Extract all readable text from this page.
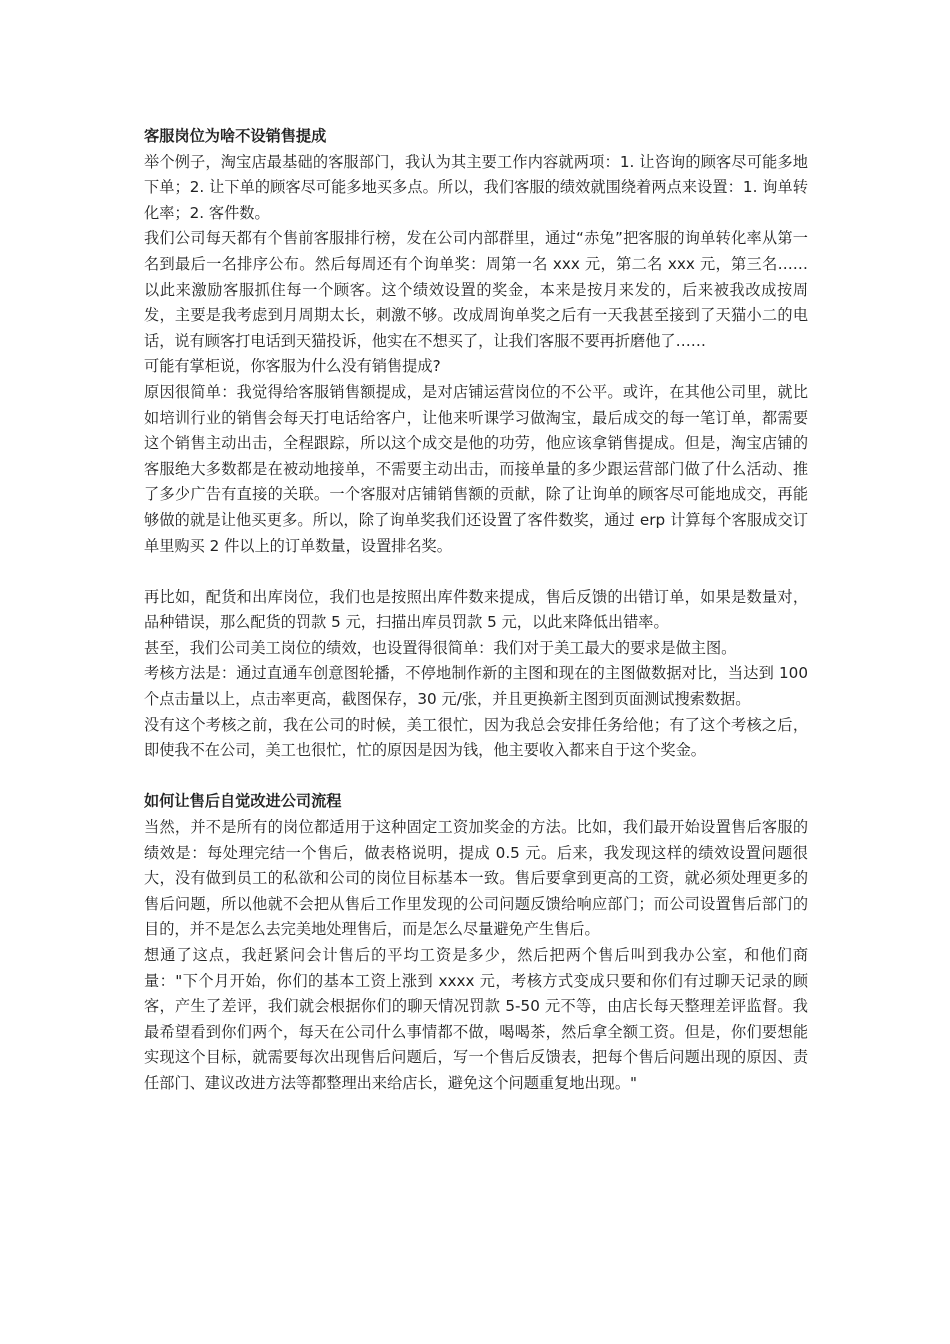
客服岗位为啥不设销售提成

举个例子，淘宝店最基础的客服部门，我认为其主要工作内容就两项：1. 让咨询的顾客尽可能多地下单；2. 让下单的顾客尽可能多地买多点。所以，我们客服的绩效就围绕着两点来设置：1. 询单转化率；2. 客件数。

我们公司每天都有个售前客服排行榜，发在公司内部群里，通过“赤兔”把客服的询单转化率从第一名到最后一名排序公布。然后每周还有个询单奖：周第一名 xxx 元，第二名 xxx 元，第三名……以此来激励客服抓住每一个顾客。这个绩效设置的奖金，本来是按月来发的，后来被我改成按周发，主要是我考虑到月周期太长，刺激不够。改成周询单奖之后有一天我甚至接到了天猫小二的电话，说有顾客打电话到天猫投诉，他实在不想买了，让我们客服不要再折磨他了……

可能有掌柜说，你客服为什么没有销售提成?

原因很简单：我觉得给客服销售额提成，是对店铺运营岗位的不公平。或许，在其他公司里，就比如培训行业的销售会每天打电话给客户，让他来听课学习做淘宝，最后成交的每一笔订单，都需要这个销售主动出击，全程跟踪，所以这个成交是他的功劳，他应该拿销售提成。但是，淘宝店铺的客服绝大多数都是在被动地接单，不需要主动出击，而接单量的多少跟运营部门做了什么活动、推了多少广告有直接的关联。一个客服对店铺销售额的贡献，除了让询单的顾客尽可能地成交，再能够做的就是让他买更多。所以，除了询单奖我们还设置了客件数奖，通过 erp 计算每个客服成交订单里购买 2 件以上的订单数量，设置排名奖。

再比如，配货和出库岗位，我们也是按照出库件数来提成，售后反馈的出错订单，如果是数量对，品种错误，那么配货的罚款 5 元，扫描出库员罚款 5 元，以此来降低出错率。

甚至，我们公司美工岗位的绩效，也设置得很简单：我们对于美工最大的要求是做主图。

考核方法是：通过直通车创意图轮播，不停地制作新的主图和现在的主图做数据对比，当达到 100 个点击量以上，点击率更高，截图保存，30 元/张，并且更换新主图到页面测试搜索数据。

没有这个考核之前，我在公司的时候，美工很忙，因为我总会安排任务给他；有了这个考核之后，即使我不在公司，美工也很忙，忙的原因是因为钱，他主要收入都来自于这个奖金。

如何让售后自觉改进公司流程

当然，并不是所有的岗位都适用于这种固定工资加奖金的方法。比如，我们最开始设置售后客服的绩效是：每处理完结一个售后，做表格说明，提成 0.5 元。后来，我发现这样的绩效设置问题很大，没有做到员工的私欲和公司的岗位目标基本一致。售后要拿到更高的工资，就必须处理更多的售后问题，所以他就不会把从售后工作里发现的公司问题反馈给响应部门；而公司设置售后部门的目的，并不是怎么去完美地处理售后，而是怎么尽量避免产生售后。

想通了这点，我赶紧问会计售后的平均工资是多少，然后把两个售后叫到我办公室，和他们商量："下个月开始，你们的基本工资上涨到 xxxx 元，考核方式变成只要和你们有过聊天记录的顾客，产生了差评，我们就会根据你们的聊天情况罚款 5-50 元不等，由店长每天整理差评监督。我最希望看到你们两个，每天在公司什么事情都不做，喝喝茶，然后拿全额工资。但是，你们要想能实现这个目标，就需要每次出现售后问题后，写一个售后反馈表，把每个售后问题出现的原因、责任部门、建议改进方法等都整理出来给店长，避免这个问题重复地出现。"
